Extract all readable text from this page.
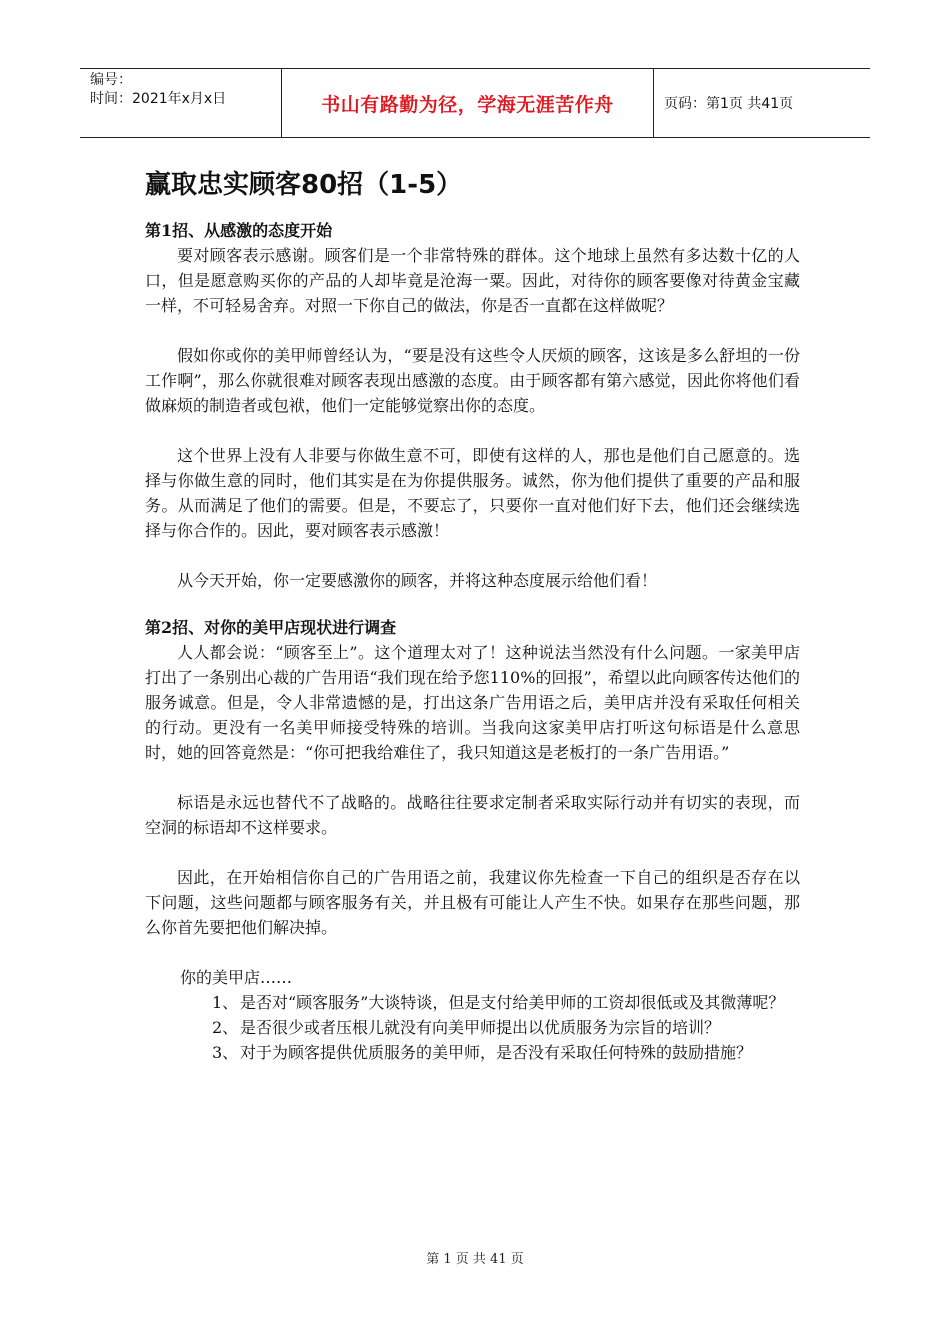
编号：
时间：2021年x月x日	书山有路勤为径，学海无涯苦作舟	页码：第1页 共41页
赢取忠实顾客80招（1-5）

第1招、从感激的态度开始

要对顾客表示感谢。顾客们是一个非常特殊的群体。这个地球上虽然有多达数十亿的人口，但是愿意购买你的产品的人却毕竟是沧海一粟。因此，对待你的顾客要像对待黄金宝藏一样，不可轻易舍弃。对照一下你自己的做法，你是否一直都在这样做呢？

假如你或你的美甲师曾经认为，“要是没有这些令人厌烦的顾客，这该是多么舒坦的一份工作啊”，那么你就很难对顾客表现出感激的态度。由于顾客都有第六感觉，因此你将他们看做麻烦的制造者或包袱，他们一定能够觉察出你的态度。

这个世界上没有人非要与你做生意不可，即使有这样的人，那也是他们自己愿意的。选择与你做生意的同时，他们其实是在为你提供服务。诚然，你为他们提供了重要的产品和服务。从而满足了他们的需要。但是，不要忘了，只要你一直对他们好下去，他们还会继续选择与你合作的。因此，要对顾客表示感激！

从今天开始，你一定要感激你的顾客，并将这种态度展示给他们看！

第2招、对你的美甲店现状进行调查

人人都会说：“顾客至上”。这个道理太对了！这种说法当然没有什么问题。一家美甲店打出了一条别出心裁的广告用语“我们现在给予您110%的回报”，希望以此向顾客传达他们的服务诚意。但是，令人非常遗憾的是，打出这条广告用语之后，美甲店并没有采取任何相关的行动。更没有一名美甲师接受特殊的培训。当我向这家美甲店打听这句标语是什么意思时，她的回答竟然是：“你可把我给难住了，我只知道这是老板打的一条广告用语。”

标语是永远也替代不了战略的。战略往往要求定制者采取实际行动并有切实的表现，而空洞的标语却不这样要求。

因此，在开始相信你自己的广告用语之前，我建议你先检查一下自己的组织是否存在以下问题，这些问题都与顾客服务有关，并且极有可能让人产生不快。如果存在那些问题，那么你首先要把他们解决掉。

你的美甲店……

1、 是否对“顾客服务”大谈特谈，但是支付给美甲师的工资却很低或及其微薄呢？
2、 是否很少或者压根儿就没有向美甲师提出以优质服务为宗旨的培训？
3、 对于为顾客提供优质服务的美甲师，是否没有采取任何特殊的鼓励措施？
第 1 页 共 41 页
